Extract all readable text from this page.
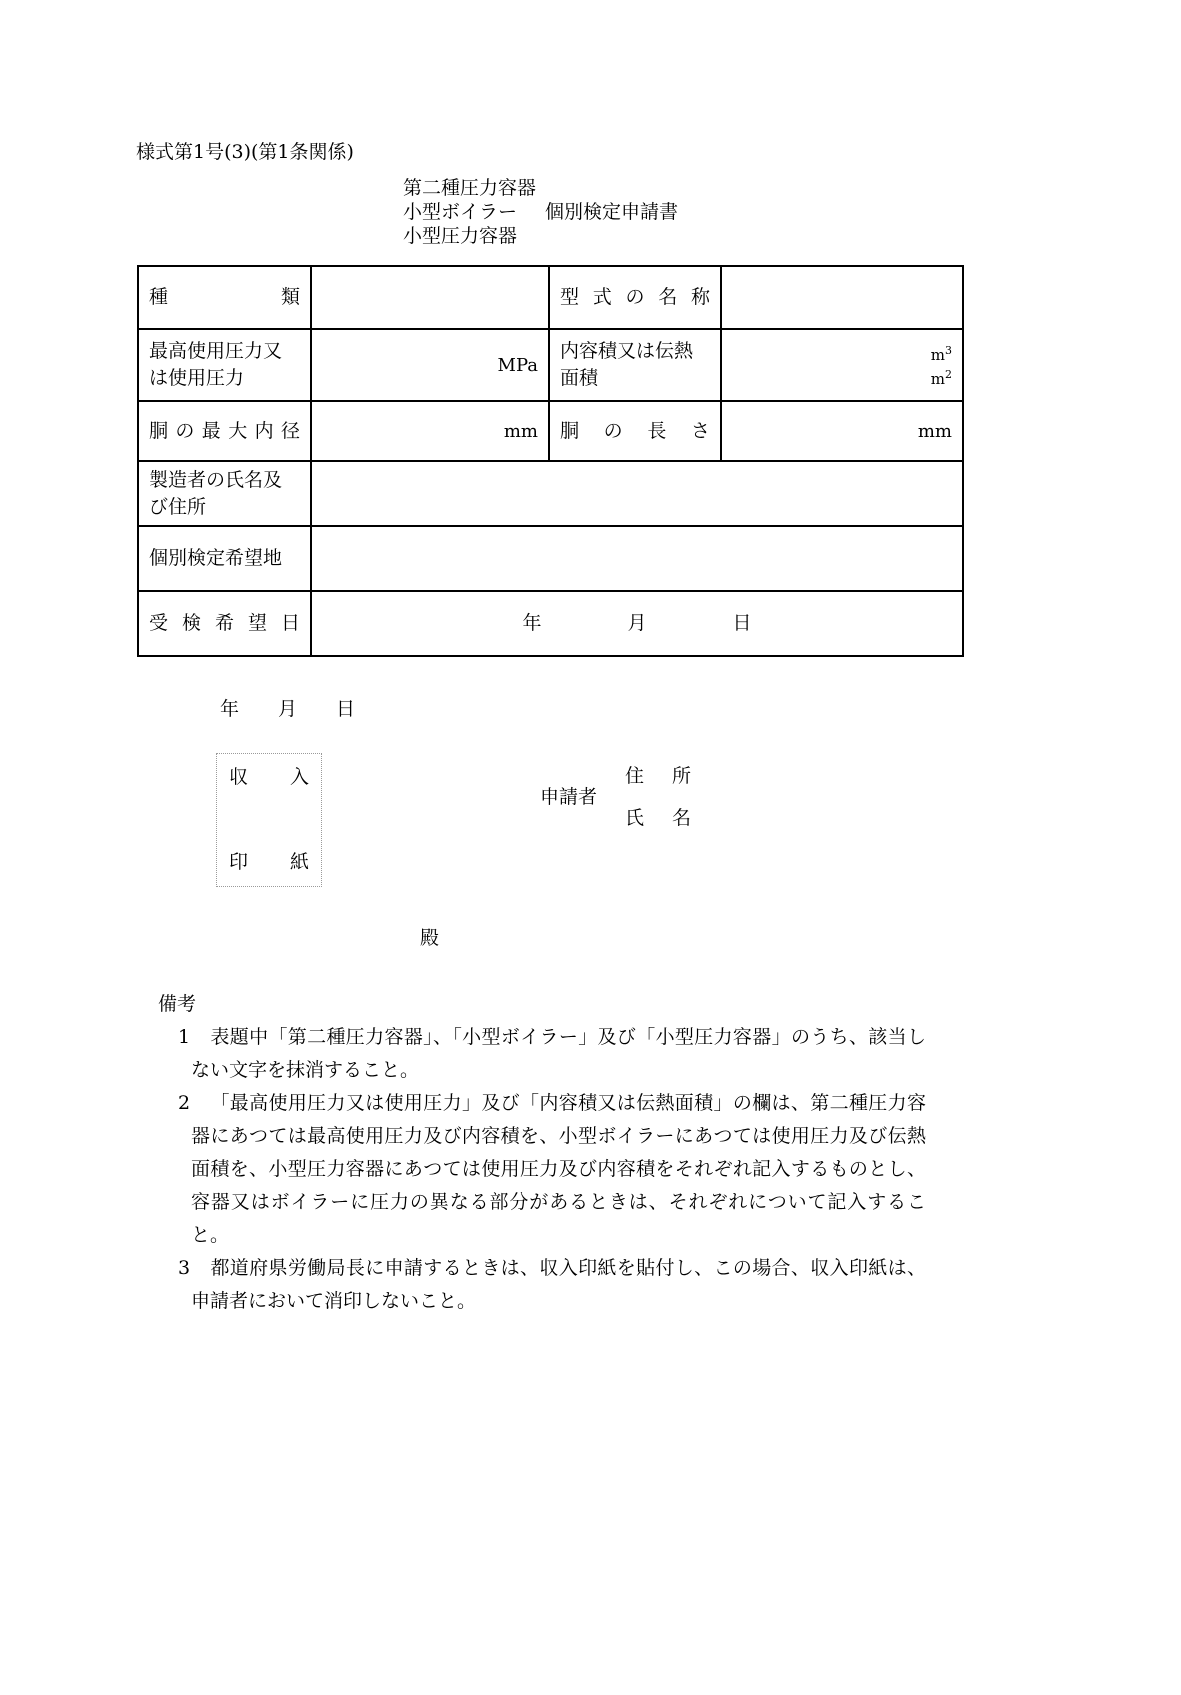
様式第1号(3)(第1条関係)
第二種圧力容器
小型ボイラー 個別検定申請書
小型圧力容器
種類		型式の名称	
最高使用圧力又は使用圧力	MPa	内容積又は伝熱面積	$m^3$
$m^2$

胴の最大内径	mm	胴の長さ	mm
製造者の氏名及び住所			
個別検定希望地			
受検希望日	年 月 日		
年 月 日
収入
印紙
申請者
住所
氏名
殿
備考
1 表題中「第二種圧力容器」、「小型ボイラー」及び「小型圧力容器」のうち、該当しない文字を抹消すること。
2 「最高使用圧力又は使用圧力」及び「内容積又は伝熱面積」の欄は、第二種圧力容器にあつては最高使用圧力及び内容積を、小型ボイラーにあつては使用圧力及び伝熱面積を、小型圧力容器にあつては使用圧力及び内容積をそれぞれ記入するものとし、容器又はボイラーに圧力の異なる部分があるときは、それぞれについて記入すること。
3 都道府県労働局長に申請するときは、収入印紙を貼付し、この場合、収入印紙は、申請者において消印しないこと。
